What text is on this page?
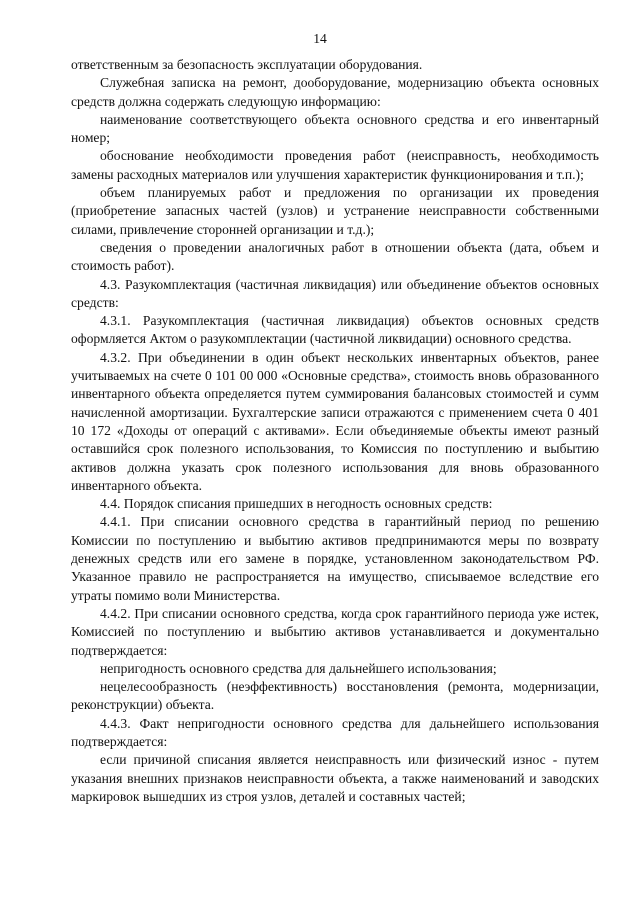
14

ответственным за безопасность эксплуатации оборудования.

Служебная записка на ремонт, дооборудование, модернизацию объекта основных средств должна содержать следующую информацию:

наименование соответствующего объекта основного средства и его инвентарный номер;

обоснование необходимости проведения работ (неисправность, необходимость замены расходных материалов или улучшения характеристик функционирования и т.п.);

объем планируемых работ и предложения по организации их проведения (приобретение запасных частей (узлов) и устранение неисправности собственными силами, привлечение сторонней организации и т.д.);

сведения о проведении аналогичных работ в отношении объекта (дата, объем и стоимость работ).

4.3. Разукомплектация (частичная ликвидация) или объединение объектов основных средств:

4.3.1. Разукомплектация (частичная ликвидация) объектов основных средств оформляется Актом о разукомплектации (частичной ликвидации) основного средства.

4.3.2. При объединении в один объект нескольких инвентарных объектов, ранее учитываемых на счете 0 101 00 000 «Основные средства», стоимость вновь образованного инвентарного объекта определяется путем суммирования балансовых стоимостей и сумм начисленной амортизации. Бухгалтерские записи отражаются с применением счета 0 401 10 172 «Доходы от операций с активами». Если объединяемые объекты имеют разный оставшийся срок полезного использования, то Комиссия по поступлению и выбытию активов должна указать срок полезного использования для вновь образованного инвентарного объекта.

4.4. Порядок списания пришедших в негодность основных средств:

4.4.1. При списании основного средства в гарантийный период по решению Комиссии по поступлению и выбытию активов предпринимаются меры по возврату денежных средств или его замене в порядке, установленном законодательством РФ. Указанное правило не распространяется на имущество, списываемое вследствие его утраты помимо воли Министерства.

4.4.2. При списании основного средства, когда срок гарантийного периода уже истек, Комиссией по поступлению и выбытию активов устанавливается и документально подтверждается:

непригодность основного средства для дальнейшего использования;

нецелесообразность (неэффективность) восстановления (ремонта, модернизации, реконструкции) объекта.

4.4.3. Факт непригодности основного средства для дальнейшего использования подтверждается:

если причиной списания является неисправность или физический износ - путем указания внешних признаков неисправности объекта, а также наименований и заводских маркировок вышедших из строя узлов, деталей и составных частей;
